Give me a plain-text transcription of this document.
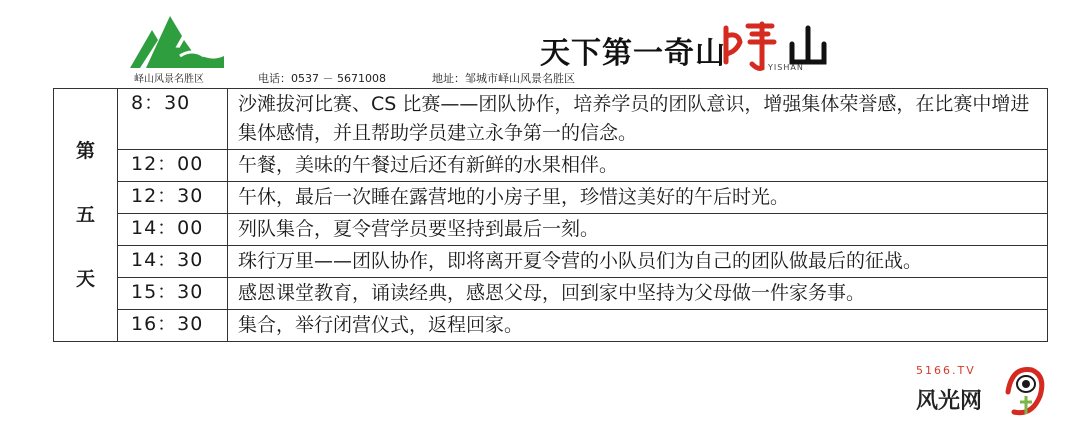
峄山风景名胜区	电话：0537 － 5671008	地址：邹城市峄山风景名胜区
天下第一奇山	YISHAN
第
五
天	8：30	沙滩拔河比赛、CS 比赛——团队协作，培养学员的团队意识，增强集体荣誉感，在比赛中增进集体感情，并且帮助学员建立永争第一的信念。
	12：00	午餐，美味的午餐过后还有新鲜的水果相伴。
	12：30	午休，最后一次睡在露营地的小房子里，珍惜这美好的午后时光。
	14：00	列队集合，夏令营学员要坚持到最后一刻。
	14：30	珠行万里——团队协作，即将离开夏令营的小队员们为自己的团队做最后的征战。
	15：30	感恩课堂教育，诵读经典，感恩父母，回到家中坚持为父母做一件家务事。
	16：30	集合，举行闭营仪式，返程回家。
5166.TV
风光网
